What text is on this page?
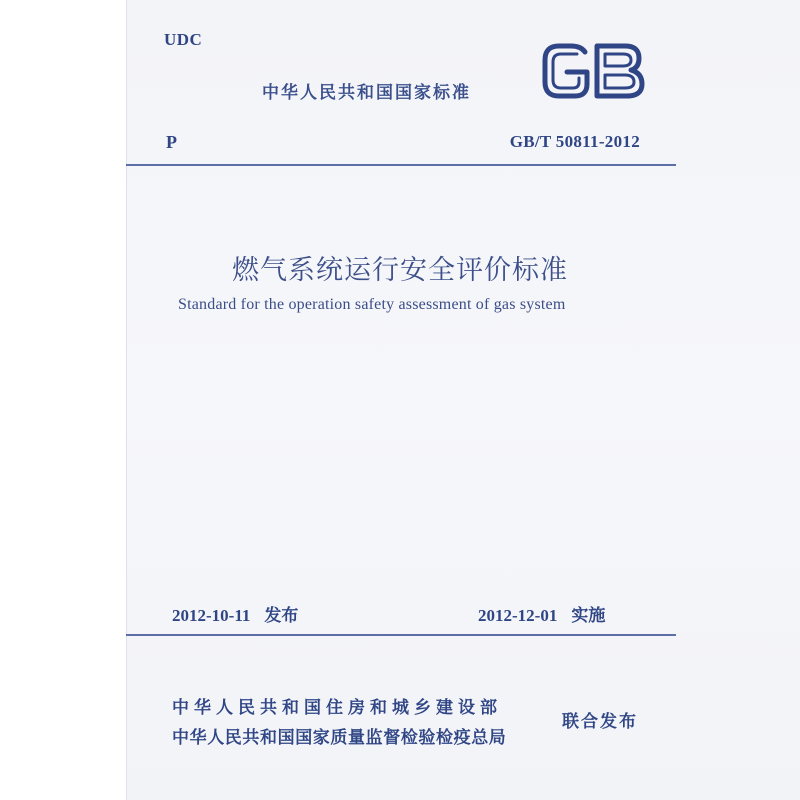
UDC
中华人民共和国国家标准
P	GB/T 50811-2012
燃气系统运行安全评价标准
Standard for the operation safety assessment of gas system
2012-10-11 发布	2012-12-01 实施
中华人民共和国住房和城乡建设部
中华人民共和国国家质量监督检验检疫总局
联合发布
